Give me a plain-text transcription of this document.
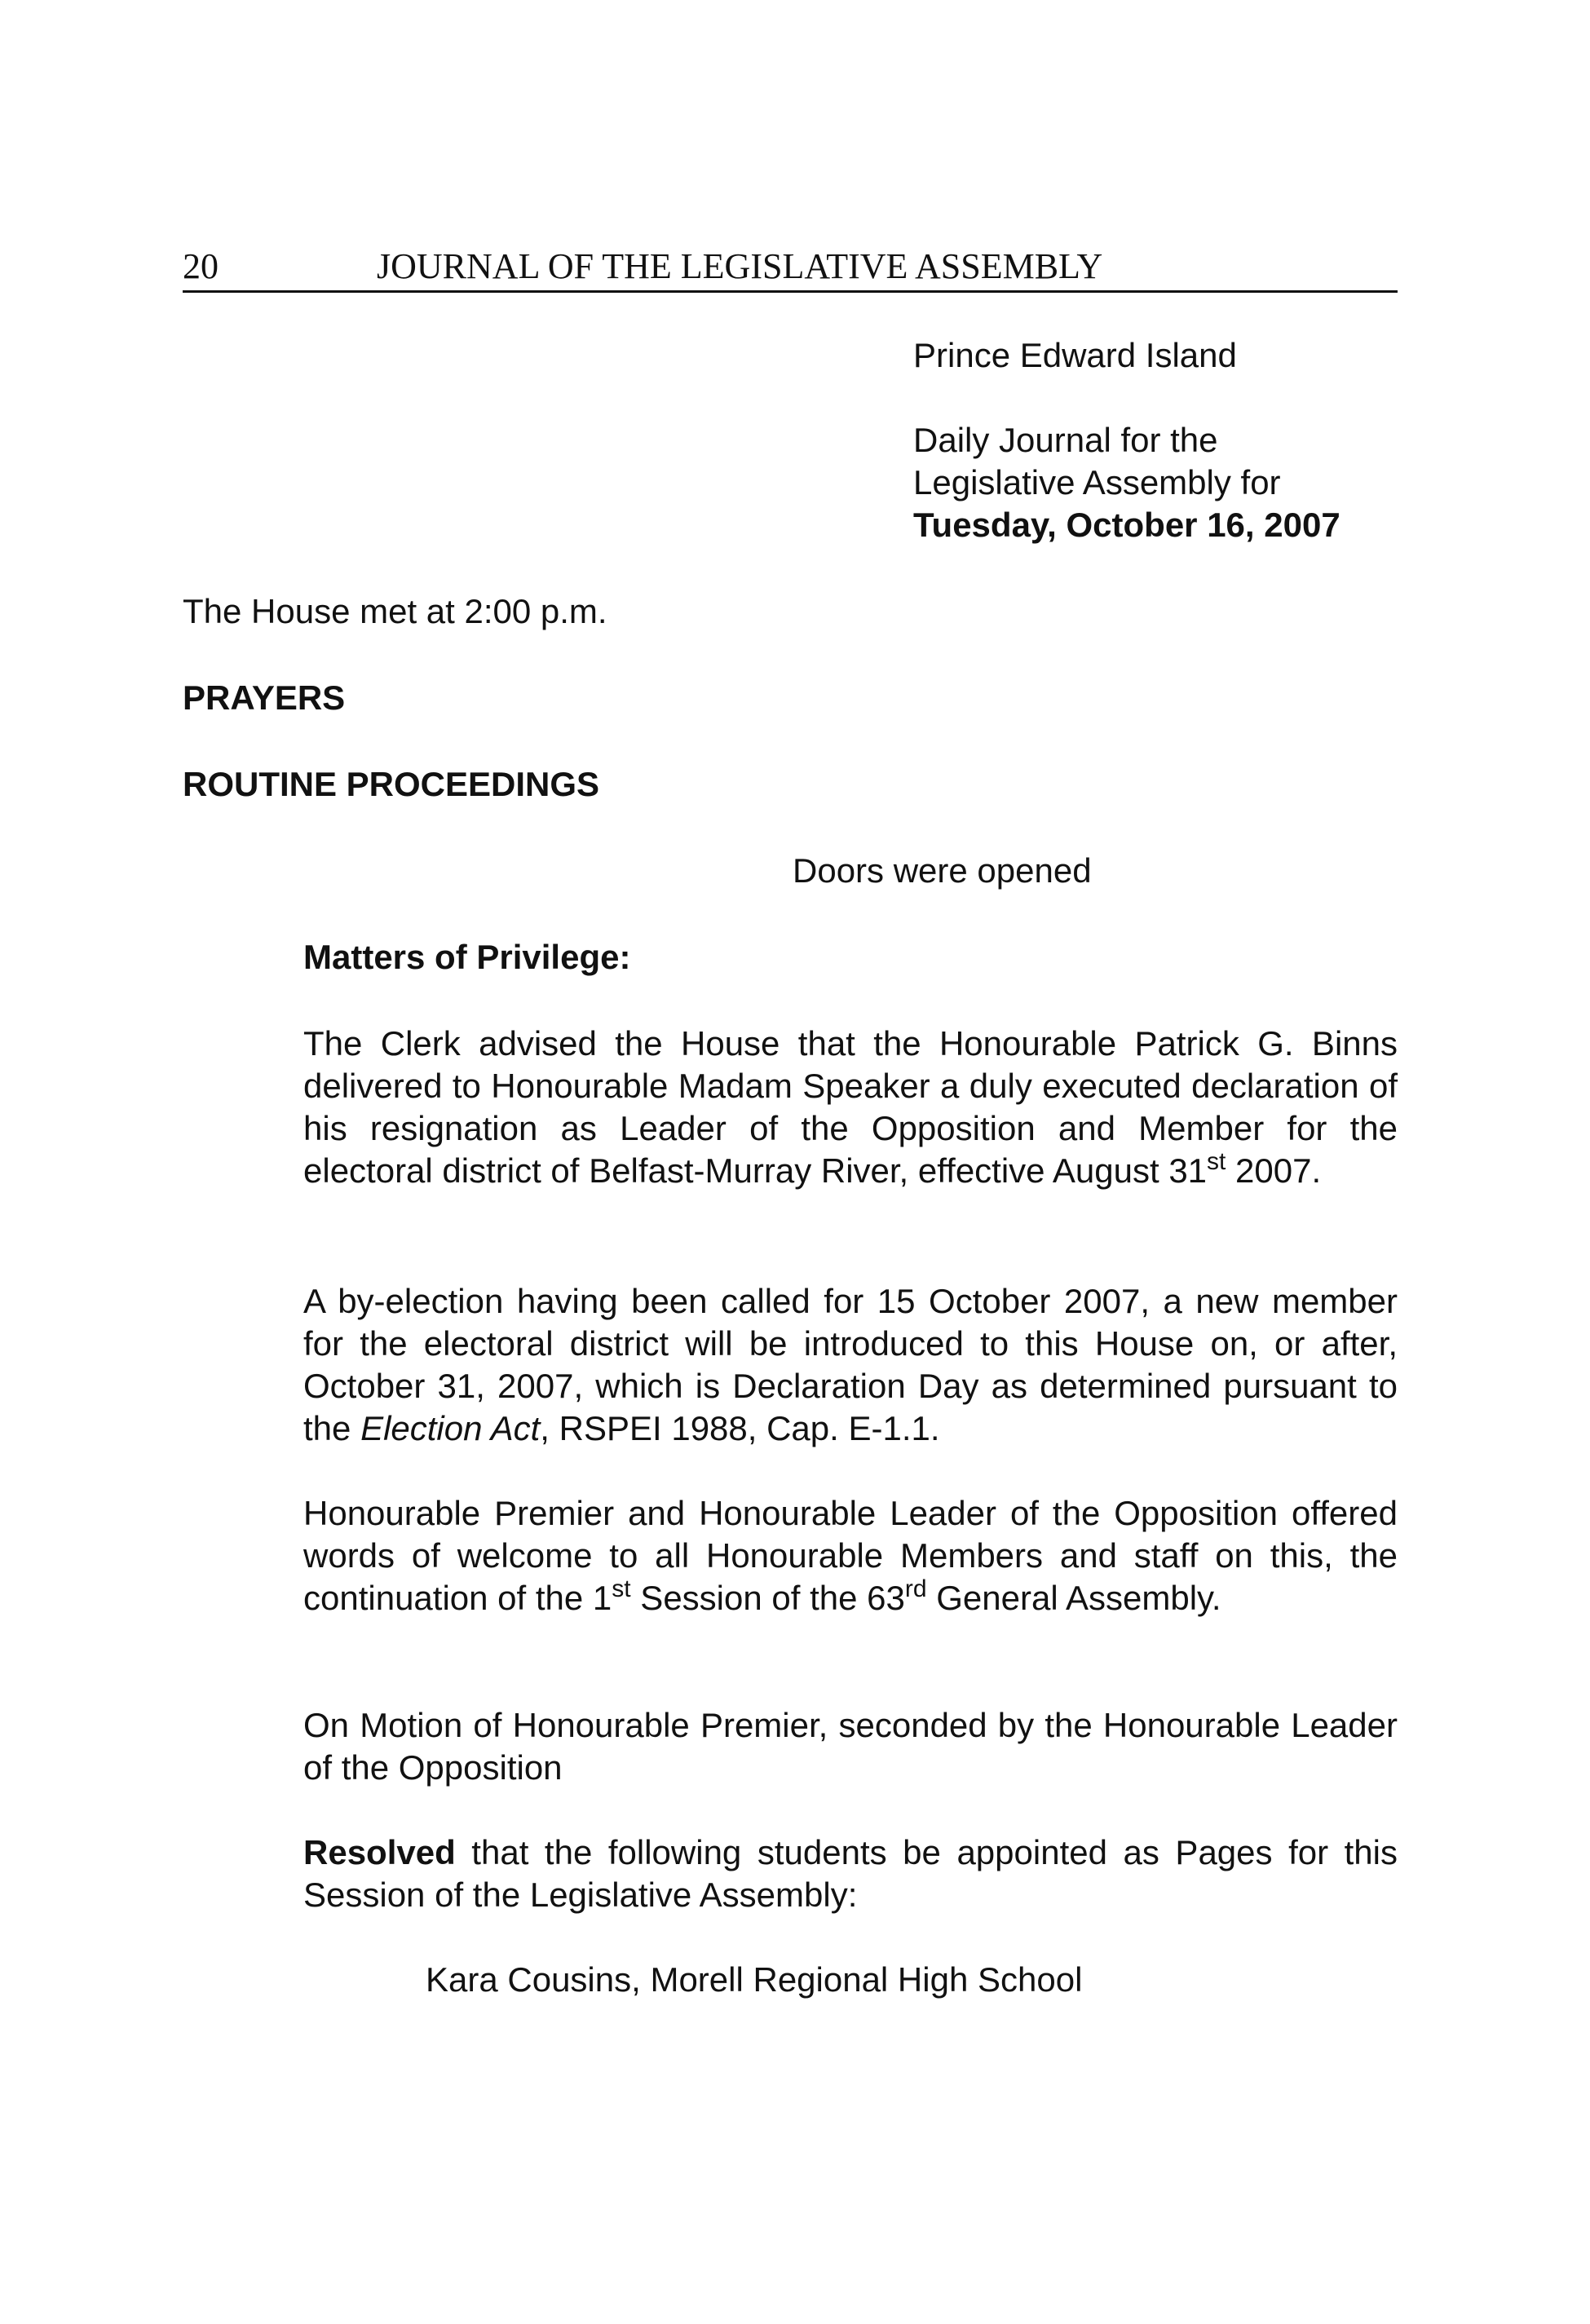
20	JOURNAL OF THE LEGISLATIVE ASSEMBLY
Prince Edward Island
Daily Journal for the
Legislative Assembly for
Tuesday, October 16, 2007
The House met at 2:00 p.m.
PRAYERS
ROUTINE PROCEEDINGS
Doors were opened
Matters of Privilege:
The Clerk advised the House that the Honourable Patrick G. Binns delivered to Honourable Madam Speaker a duly executed declaration of his resignation as Leader of the Opposition and Member for the electoral district of Belfast-Murray River, effective August 31st 2007.
A by-election having been called for 15 October 2007, a new member for the electoral district will be introduced to this House on, or after, October 31, 2007, which is Declaration Day as determined pursuant to the Election Act, RSPEI 1988, Cap. E-1.1.
Honourable Premier and Honourable Leader of the Opposition offered words of welcome to all Honourable Members and staff on this, the continuation of the 1st Session of the 63rd General Assembly.
On Motion of Honourable Premier, seconded by the Honourable Leader of the Opposition
Resolved that the following students be appointed as Pages for this Session of the Legislative Assembly:
Kara Cousins, Morell Regional High School
